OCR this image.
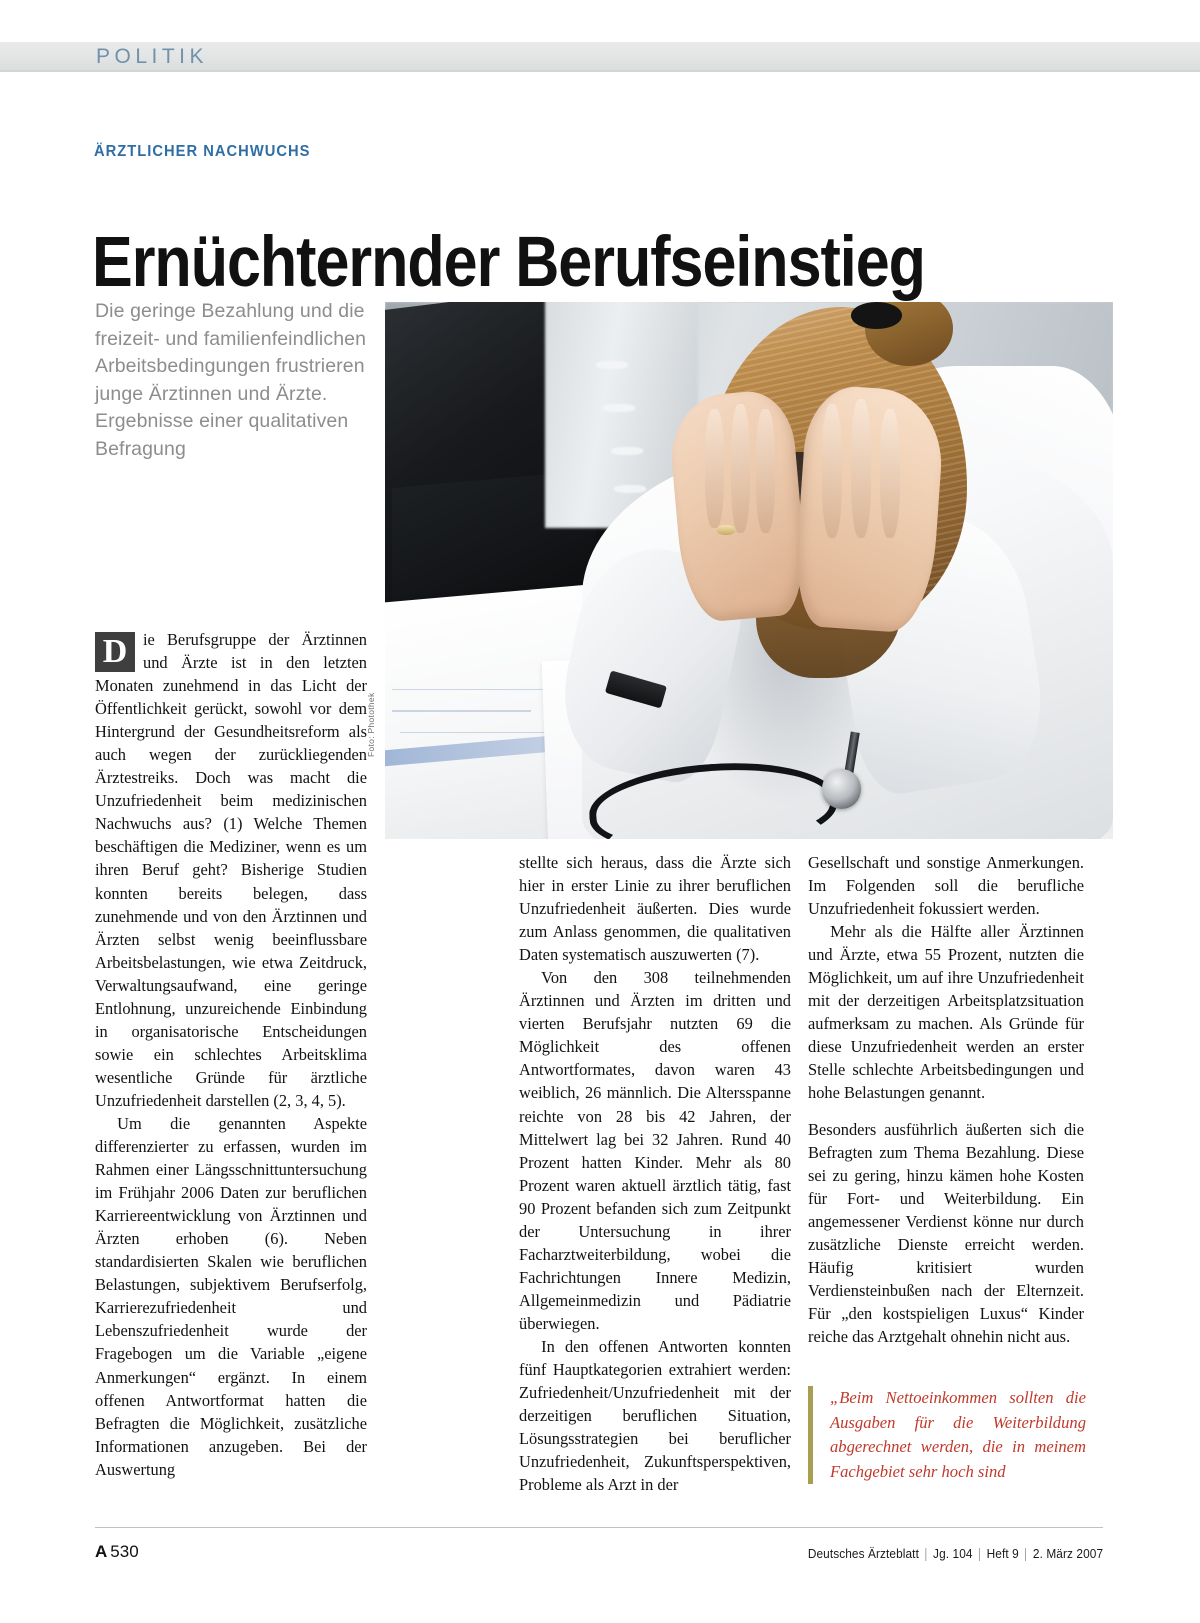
POLITIK
ÄRZTLICHER NACHWUCHS
Ernüchternder Berufseinstieg
Die geringe Bezahlung und die freizeit- und familienfeindlichen Arbeitsbedingungen frustrieren junge Ärztinnen und Ärzte. Ergebnisse einer qualitativen Befragung
Foto: Photothek

D ie Berufsgruppe der Ärztinnen und Ärzte ist in den letzten Monaten zunehmend in das Licht der Öffentlichkeit gerückt, sowohl vor dem Hintergrund der Gesundheitsreform als auch wegen der zurückliegenden Ärztestreiks. Doch was macht die Unzufriedenheit beim medizinischen Nachwuchs aus? (1) Welche Themen beschäftigen die Mediziner, wenn es um ihren Beruf geht? Bisherige Studien konnten bereits belegen, dass zunehmende und von den Ärztinnen und Ärzten selbst wenig beeinflussbare Arbeitsbelastungen, wie etwa Zeitdruck, Verwaltungsaufwand, eine geringe Entlohnung, unzureichende Einbindung in organisatorische Entscheidungen sowie ein schlechtes Arbeitsklima wesentliche Gründe für ärztliche Unzufriedenheit darstellen (2, 3, 4, 5).

Um die genannten Aspekte differenzierter zu erfassen, wurden im Rahmen einer Längsschnittuntersuchung im Frühjahr 2006 Daten zur beruflichen Karriereentwicklung von Ärztinnen und Ärzten erhoben (6). Neben standardisierten Skalen wie beruflichen Belastungen, subjektivem Berufserfolg, Karrierezufriedenheit und Lebenszufriedenheit wurde der Fragebogen um die Variable „eigene Anmerkungen“ ergänzt. In einem offenen Antwortformat hatten die Befragten die Möglichkeit, zusätzliche Informationen anzugeben. Bei der Auswertung

stellte sich heraus, dass die Ärzte sich hier in erster Linie zu ihrer beruflichen Unzufriedenheit äußerten. Dies wurde zum Anlass genommen, die qualitativen Daten systematisch auszuwerten (7).

Von den 308 teilnehmenden Ärztinnen und Ärzten im dritten und vierten Berufsjahr nutzten 69 die Möglichkeit des offenen Antwortformates, davon waren 43 weiblich, 26 männlich. Die Altersspanne reichte von 28 bis 42 Jahren, der Mittelwert lag bei 32 Jahren. Rund 40 Prozent hatten Kinder. Mehr als 80 Prozent waren aktuell ärztlich tätig, fast 90 Prozent befanden sich zum Zeitpunkt der Untersuchung in ihrer Facharztweiterbildung, wobei die Fachrichtungen Innere Medizin, Allgemeinmedizin und Pädiatrie überwiegen.

In den offenen Antworten konnten fünf Hauptkategorien extrahiert werden: Zufriedenheit/Unzufriedenheit mit der derzeitigen beruflichen Situation, Lösungsstrategien bei beruflicher Unzufriedenheit, Zukunftsperspektiven, Probleme als Arzt in der

Gesellschaft und sonstige Anmerkungen. Im Folgenden soll die berufliche Unzufriedenheit fokussiert werden.

Mehr als die Hälfte aller Ärztinnen und Ärzte, etwa 55 Prozent, nutzten die Möglichkeit, um auf ihre Unzufriedenheit mit der derzeitigen Arbeitsplatzsituation aufmerksam zu machen. Als Gründe für diese Unzufriedenheit werden an erster Stelle schlechte Arbeitsbedingungen und hohe Belastungen genannt.

Besonders ausführlich äußerten sich die Befragten zum Thema Bezahlung. Diese sei zu gering, hinzu kämen hohe Kosten für Fort- und Weiterbildung. Ein angemessener Verdienst könne nur durch zusätzliche Dienste erreicht werden. Häufig kritisiert wurden Verdiensteinbußen nach der Elternzeit. Für „den kostspieligen Luxus“ Kinder reiche das Arztgehalt ohnehin nicht aus.

„Beim Nettoeinkommen sollten die Ausgaben für die Weiterbildung abgerechnet werden, die in meinem Fachgebiet sehr hoch sind
A 530	Deutsches Ärzteblatt Jg. 104 Heft 9 2. März 2007
